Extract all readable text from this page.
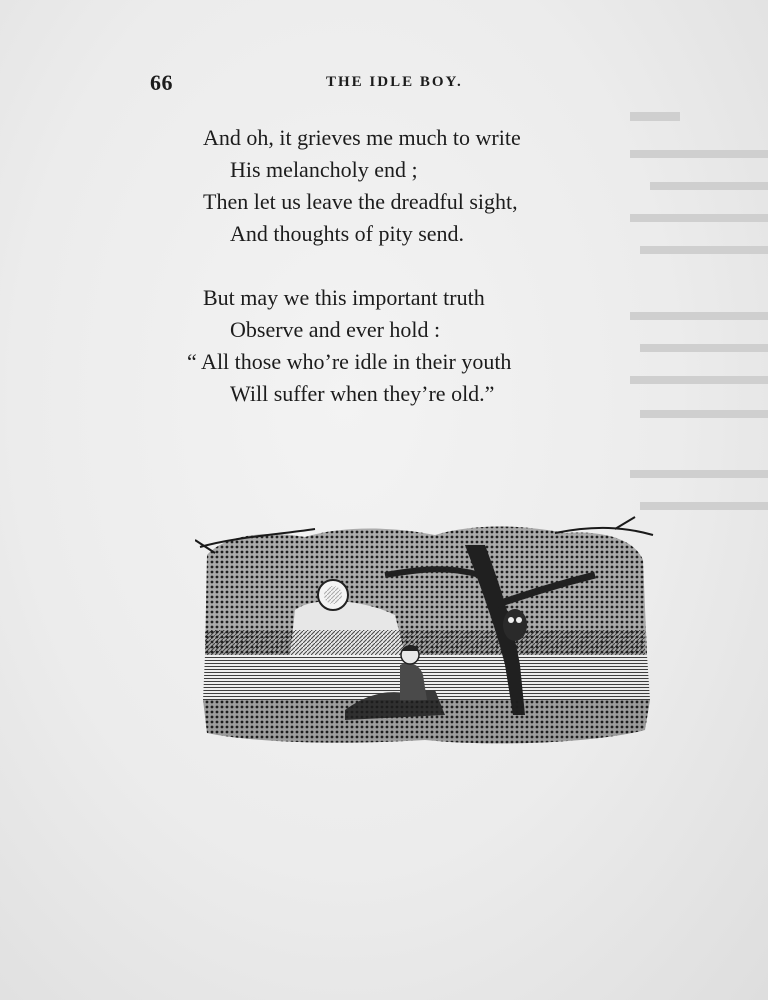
66	THE IDLE BOY.
And oh, it grieves me much to write
His melancholy end ;
Then let us leave the dreadful sight,
And thoughts of pity send.
But may we this important truth
Observe and ever hold :
“ All those who’re idle in their youth
Will suffer when they’re old.”
